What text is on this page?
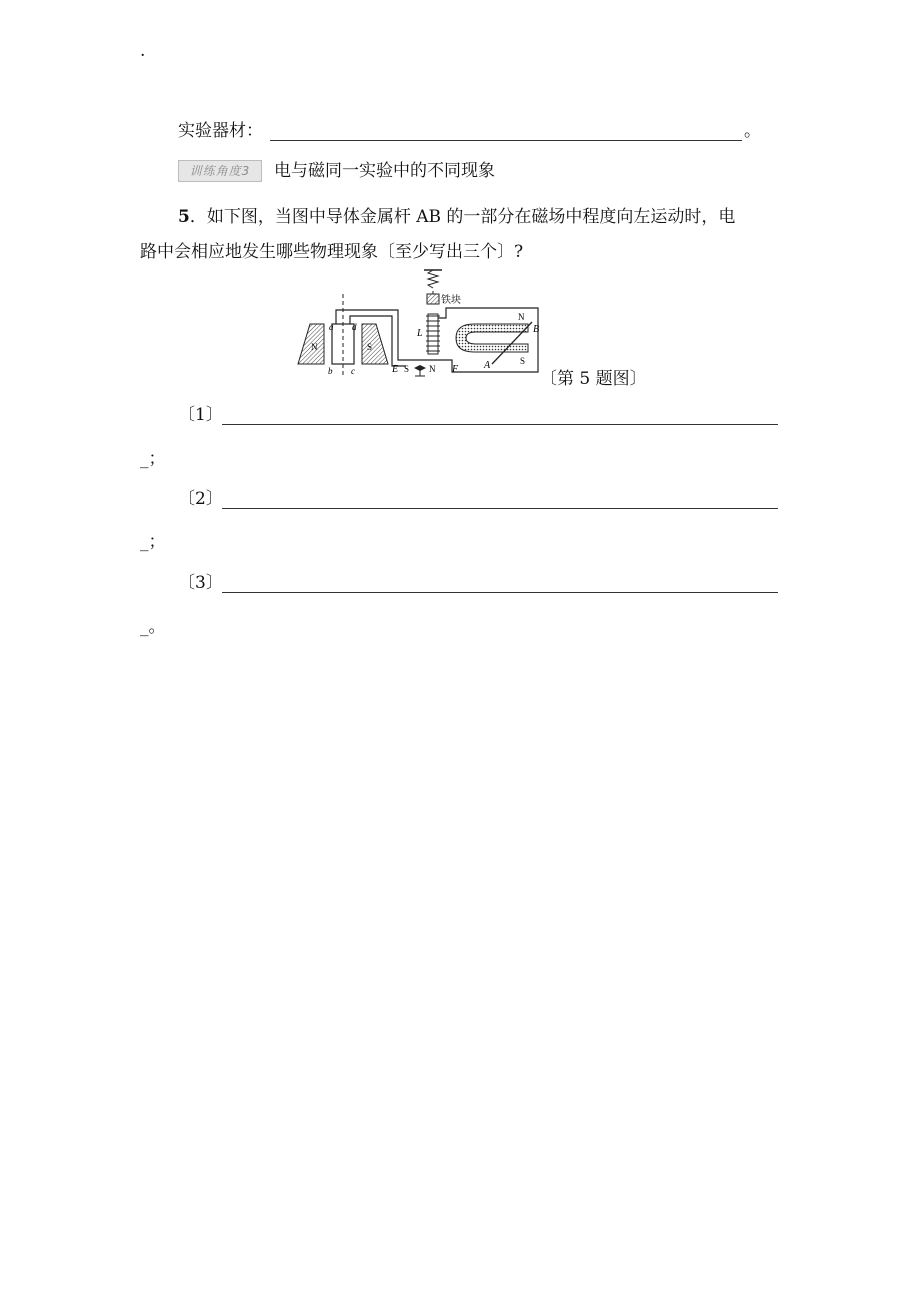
.
实验器材：	。
训练角度3	电与磁同一实验中的不同现象
5．如下图，当图中导体金属杆 AB 的一部分在磁场中程度向左运动时，电
路中会相应地发生哪些物理现象〔至少写出三个〕?
铁块
N	S
a d
b c
L
E S N F
N
S
A
B
〔第 5 题图〕
〔1〕
_；
〔2〕
_；
〔3〕
_。
